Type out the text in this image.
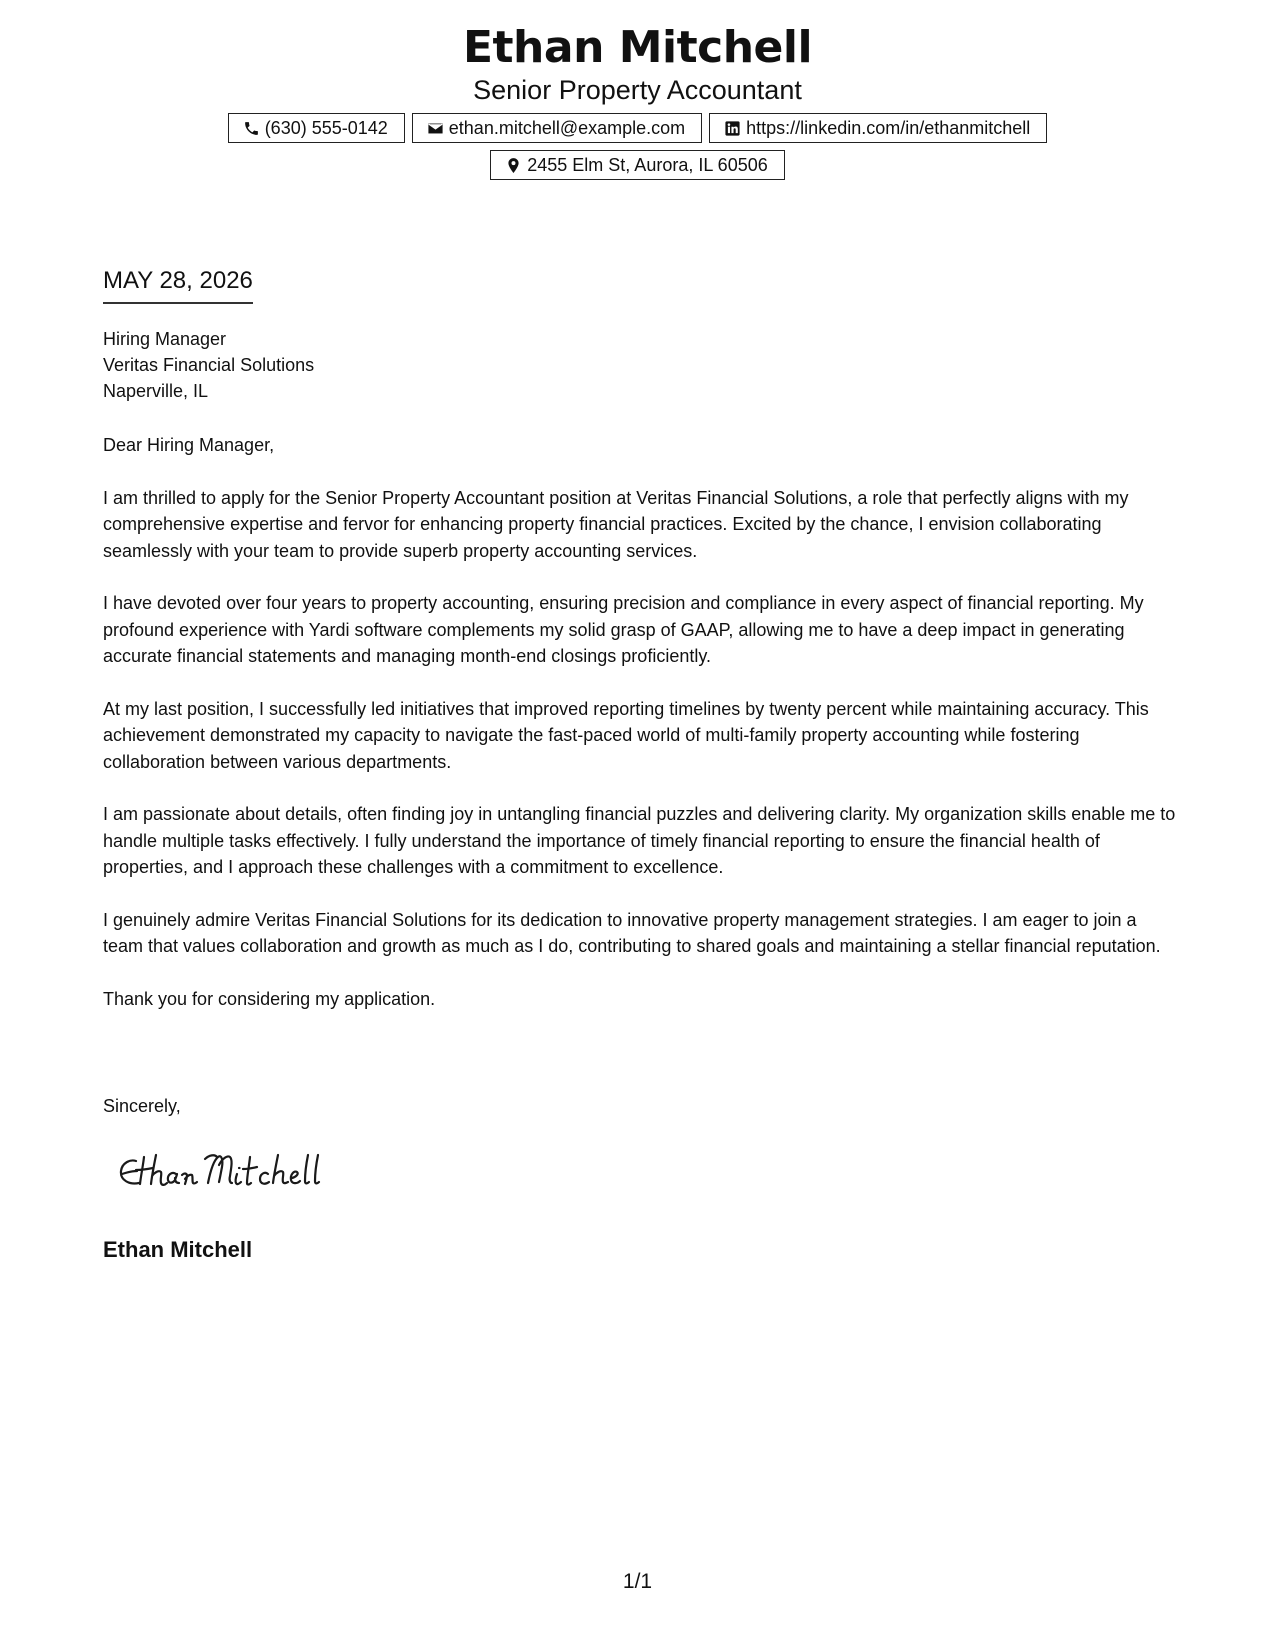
Ethan Mitchell
Senior Property Accountant
(630) 555-0142	ethan.mitchell@example.com	https://linkedin.com/in/ethanmitchell
2455 Elm St, Aurora, IL 60506
MAY 28, 2026
Hiring Manager
Veritas Financial Solutions
Naperville, IL

Dear Hiring Manager,

I am thrilled to apply for the Senior Property Accountant position at Veritas Financial Solutions, a role that perfectly aligns with my comprehensive expertise and fervor for enhancing property financial practices. Excited by the chance, I envision collaborating seamlessly with your team to provide superb property accounting services.

I have devoted over four years to property accounting, ensuring precision and compliance in every aspect of financial reporting. My profound experience with Yardi software complements my solid grasp of GAAP, allowing me to have a deep impact in generating accurate financial statements and managing month-end closings proficiently.

At my last position, I successfully led initiatives that improved reporting timelines by twenty percent while maintaining accuracy. This achievement demonstrated my capacity to navigate the fast-paced world of multi-family property accounting while fostering collaboration between various departments.

I am passionate about details, often finding joy in untangling financial puzzles and delivering clarity. My organization skills enable me to handle multiple tasks effectively. I fully understand the importance of timely financial reporting to ensure the financial health of properties, and I approach these challenges with a commitment to excellence.

I genuinely admire Veritas Financial Solutions for its dedication to innovative property management strategies. I am eager to join a team that values collaboration and growth as much as I do, contributing to shared goals and maintaining a stellar financial reputation.

Thank you for considering my application.

Sincerely,
Ethan Mitchell
1/1
